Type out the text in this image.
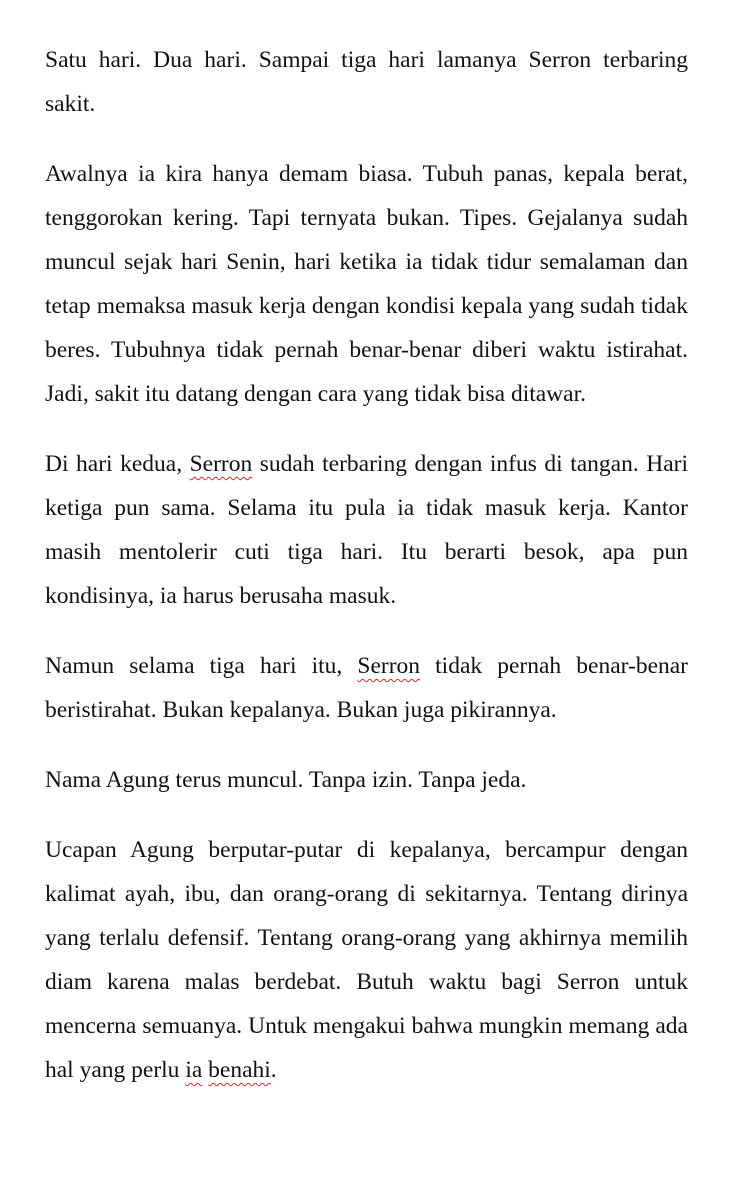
Satu hari. Dua hari. Sampai tiga hari lamanya Serron terbaring sakit.

Awalnya ia kira hanya demam biasa. Tubuh panas, kepala berat, tenggorokan kering. Tapi ternyata bukan. Tipes. Gejalanya sudah muncul sejak hari Senin, hari ketika ia tidak tidur semalaman dan tetap memaksa masuk kerja dengan kondisi kepala yang sudah tidak beres. Tubuhnya tidak pernah benar-benar diberi waktu istirahat. Jadi, sakit itu datang dengan cara yang tidak bisa ditawar.

Di hari kedua, Serron sudah terbaring dengan infus di tangan. Hari ketiga pun sama. Selama itu pula ia tidak masuk kerja. Kantor masih mentolerir cuti tiga hari. Itu berarti besok, apa pun kondisinya, ia harus berusaha masuk.

Namun selama tiga hari itu, Serron tidak pernah benar-benar beristirahat. Bukan kepalanya. Bukan juga pikirannya.

Nama Agung terus muncul. Tanpa izin. Tanpa jeda.

Ucapan Agung berputar-putar di kepalanya, bercampur dengan kalimat ayah, ibu, dan orang-orang di sekitarnya. Tentang dirinya yang terlalu defensif. Tentang orang-orang yang akhirnya memilih diam karena malas berdebat. Butuh waktu bagi Serron untuk mencerna semuanya. Untuk mengakui bahwa mungkin memang ada hal yang perlu ia benahi.
